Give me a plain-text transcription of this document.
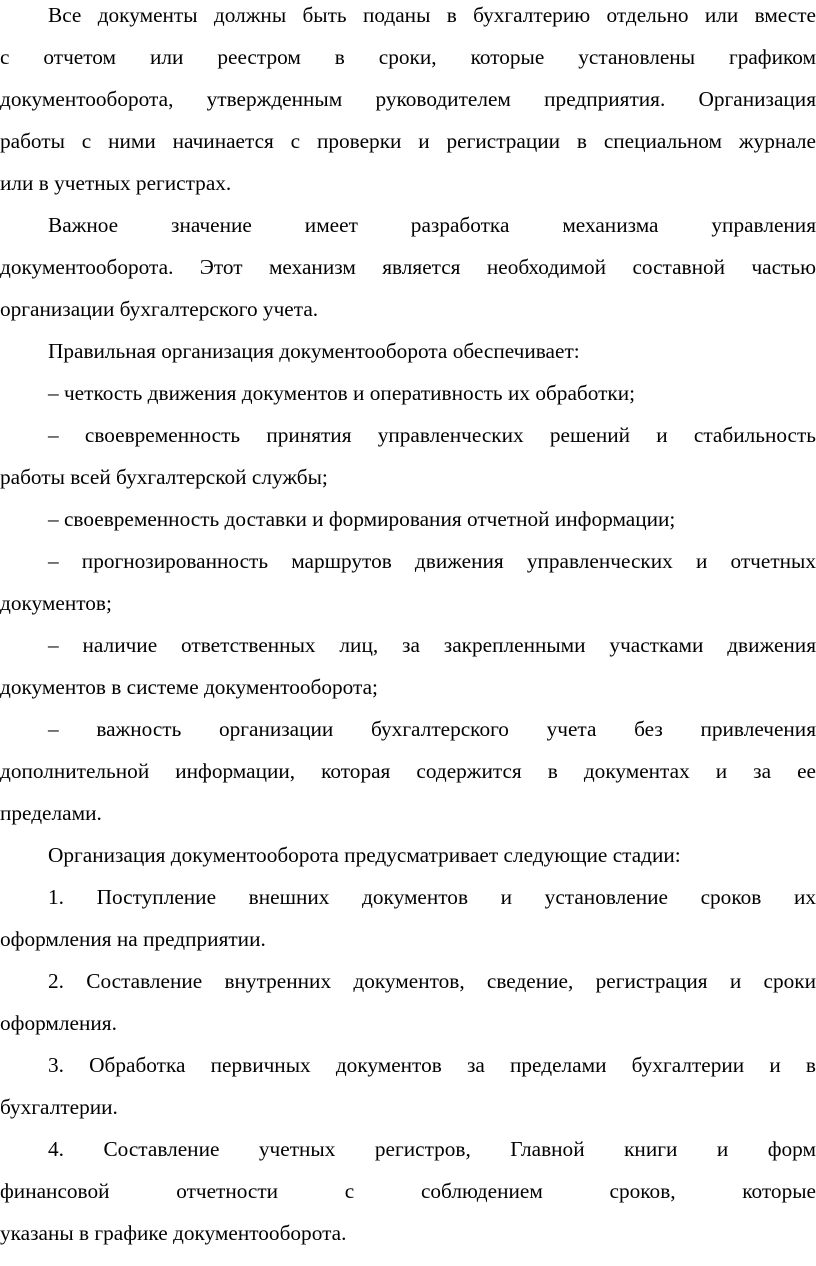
Все документы должны быть поданы в бухгалтерию отдельно или вместе
с отчетом или реестром в сроки, которые установлены графиком
документооборота, утвержденным руководителем предприятия. Организация
работы с ними начинается с проверки и регистрации в специальном журнале
или в учетных регистрах.
Важное значение имеет разработка механизма управления
документооборота. Этот механизм является необходимой составной частью
организации бухгалтерского учета.
Правильная организация документооборота обеспечивает:
– четкость движения документов и оперативность их обработки;
– своевременность принятия управленческих решений и стабильность
работы всей бухгалтерской службы;
– своевременность доставки и формирования отчетной информации;
– прогнозированность маршрутов движения управленческих и отчетных
документов;
– наличие ответственных лиц, за закрепленными участками движения
документов в системе документооборота;
– важность организации бухгалтерского учета без привлечения
дополнительной информации, которая содержится в документах и за ее
пределами.
Организация документооборота предусматривает следующие стадии:
1. Поступление внешних документов и установление сроков их
оформления на предприятии.
2. Составление внутренних документов, сведение, регистрация и сроки
оформления.
3. Обработка первичных документов за пределами бухгалтерии и в
бухгалтерии.
4. Составление учетных регистров, Главной книги и форм
финансовой отчетности с соблюдением сроков, которые
указаны в графике документооборота.
